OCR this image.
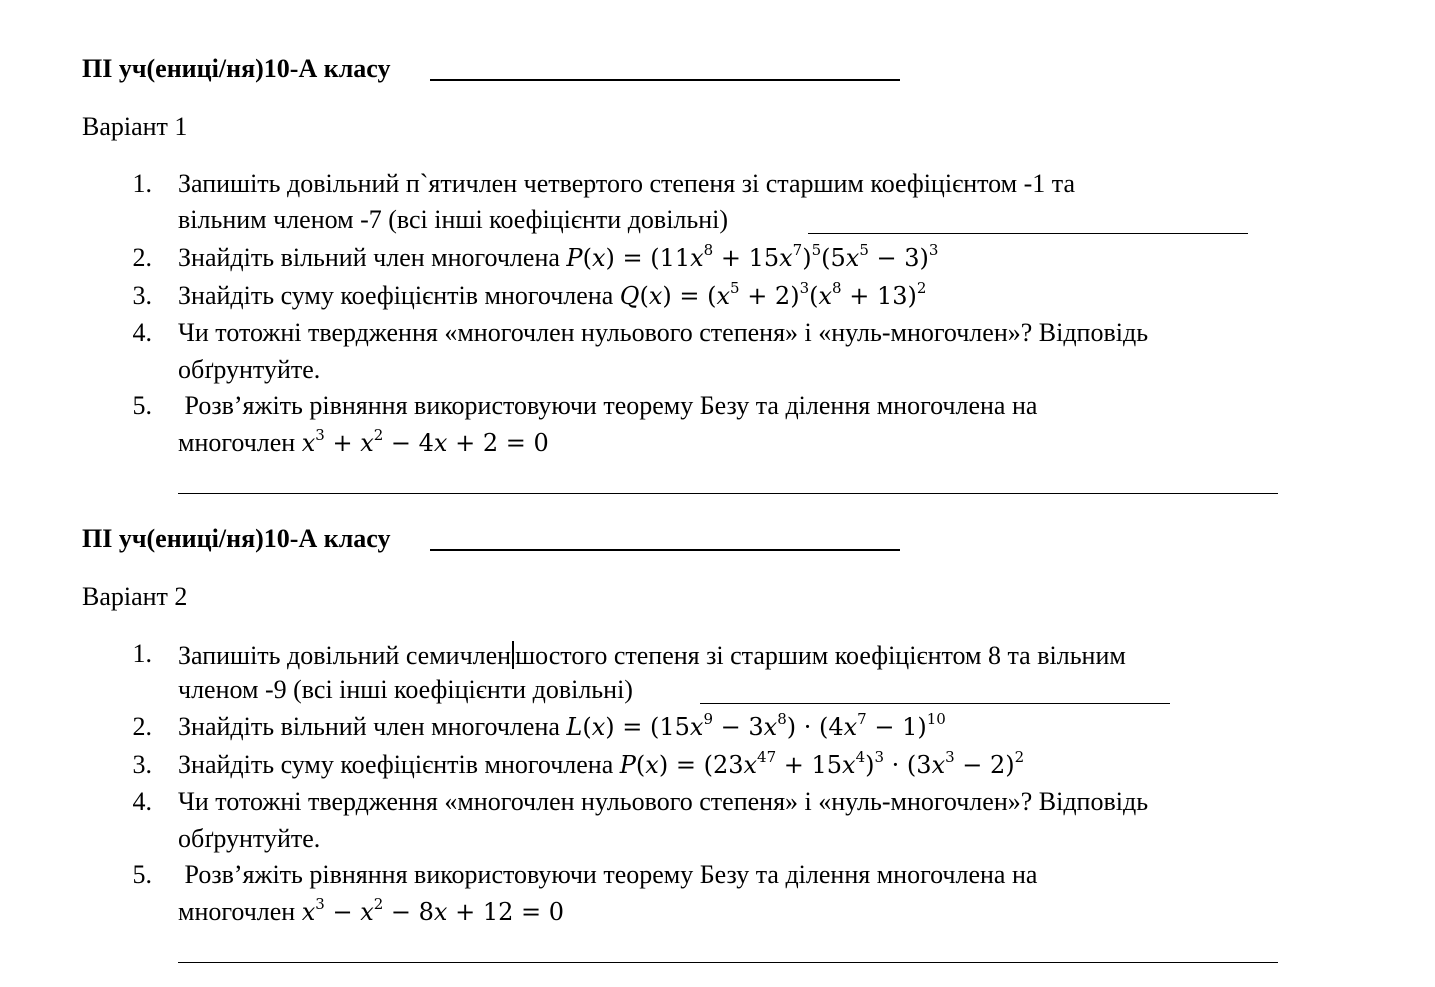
ПІ уч(ениці/ня)10-А класу
Варіант 1
1. Запишіть довільний п`ятичлен четвертого степеня зі старшим коефіцієнтом -1 та
вільним членом -7 (всі інші коефіцієнти довільні)
2. Знайдіть вільний член многочлена $P(x) = (11x^8 + 15x^7)^5(5x^5 - 3)^3$
3. Знайдіть суму коефіцієнтів многочлена $Q(x) = (x^5 + 2)^3(x^8 + 13)^2$
4. Чи тотожні твердження «многочлен нульового степеня» і «нуль-многочлен»? Відповідь
обґрунтуйте.
5. Розв’яжіть рівняння використовуючи теорему Безу та ділення многочлена на
многочлен $x^3 + x^2 - 4x + 2 = 0$
ПІ уч(ениці/ня)10-А класу
Варіант 2
1. Запишіть довільний семичлен шостого степеня зі старшим коефіцієнтом 8 та вільним
членом -9 (всі інші коефіцієнти довільні)
2. Знайдіть вільний член многочлена $L(x) = (15x^9 - 3x^8) \cdot (4x^7 - 1)^{10}$
3. Знайдіть суму коефіцієнтів многочлена $P(x) = (23x^{47} + 15x^4)^3 \cdot (3x^3 - 2)^2$
4. Чи тотожні твердження «многочлен нульового степеня» і «нуль-многочлен»? Відповідь
обґрунтуйте.
5. Розв’яжіть рівняння використовуючи теорему Безу та ділення многочлена на
многочлен $x^3 - x^2 - 8x + 12 = 0$
